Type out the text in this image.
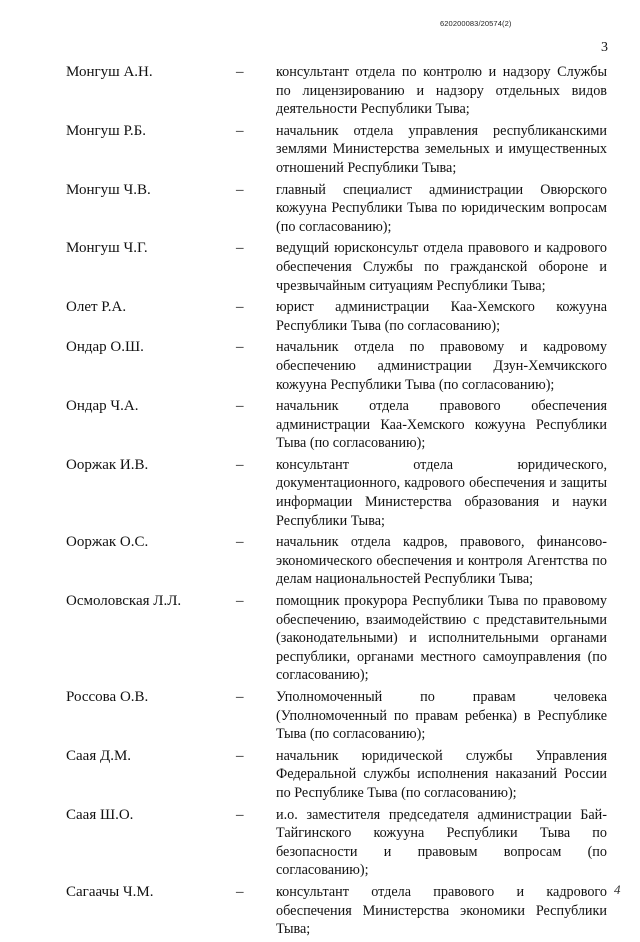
620200083/20574(2)
3
Монгуш А.Н.	– консультант отдела по контролю и надзору Службы по лицензированию и надзору отдельных видов деятельности Республики Тыва;
Монгуш Р.Б.	– начальник отдела управления республиканскими землями Министерства земельных и имущественных отношений Республики Тыва;
Монгуш Ч.В.	– главный специалист администрации Овюрского кожууна Республики Тыва по юридическим вопросам (по согласованию);
Монгуш Ч.Г.	– ведущий юрисконсульт отдела правового и кадрового обеспечения Службы по гражданской обороне и чрезвычайным ситуациям Республики Тыва;
Олет Р.А.	– юрист администрации Каа-Хемского кожууна Республики Тыва (по согласованию);
Ондар О.Ш.	– начальник отдела по правовому и кадровому обеспечению администрации Дзун-Хемчикского кожууна Республики Тыва (по согласованию);
Ондар Ч.А.	– начальник отдела правового обеспечения администрации Каа-Хемского кожууна Республики Тыва (по согласованию);
Ооржак И.В.	– консультант отдела юридического, документационного, кадрового обеспечения и защиты информации Министерства образования и науки Республики Тыва;
Ооржак О.С.	– начальник отдела кадров, правового, финансово-экономического обеспечения и контроля Агентства по делам национальностей Республики Тыва;
Осмоловская Л.Л.	– помощник прокурора Республики Тыва по правовому обеспечению, взаимодействию с представительными (законодательными) и исполнительными органами республики, органами местного самоуправления (по согласованию);
Россова О.В.	– Уполномоченный по правам человека (Уполномоченный по правам ребенка) в Республике Тыва (по согласованию);
Саая Д.М.	– начальник юридической службы Управления Федеральной службы исполнения наказаний России по Республике Тыва (по согласованию);
Саая Ш.О.	– и.о. заместителя председателя администрации Бай-Тайгинского кожууна Республики Тыва по безопасности и правовым вопросам (по согласованию);
Сагаачы Ч.М.	– консультант отдела правового и кадрового обеспечения Министерства экономики Республики Тыва;
4
